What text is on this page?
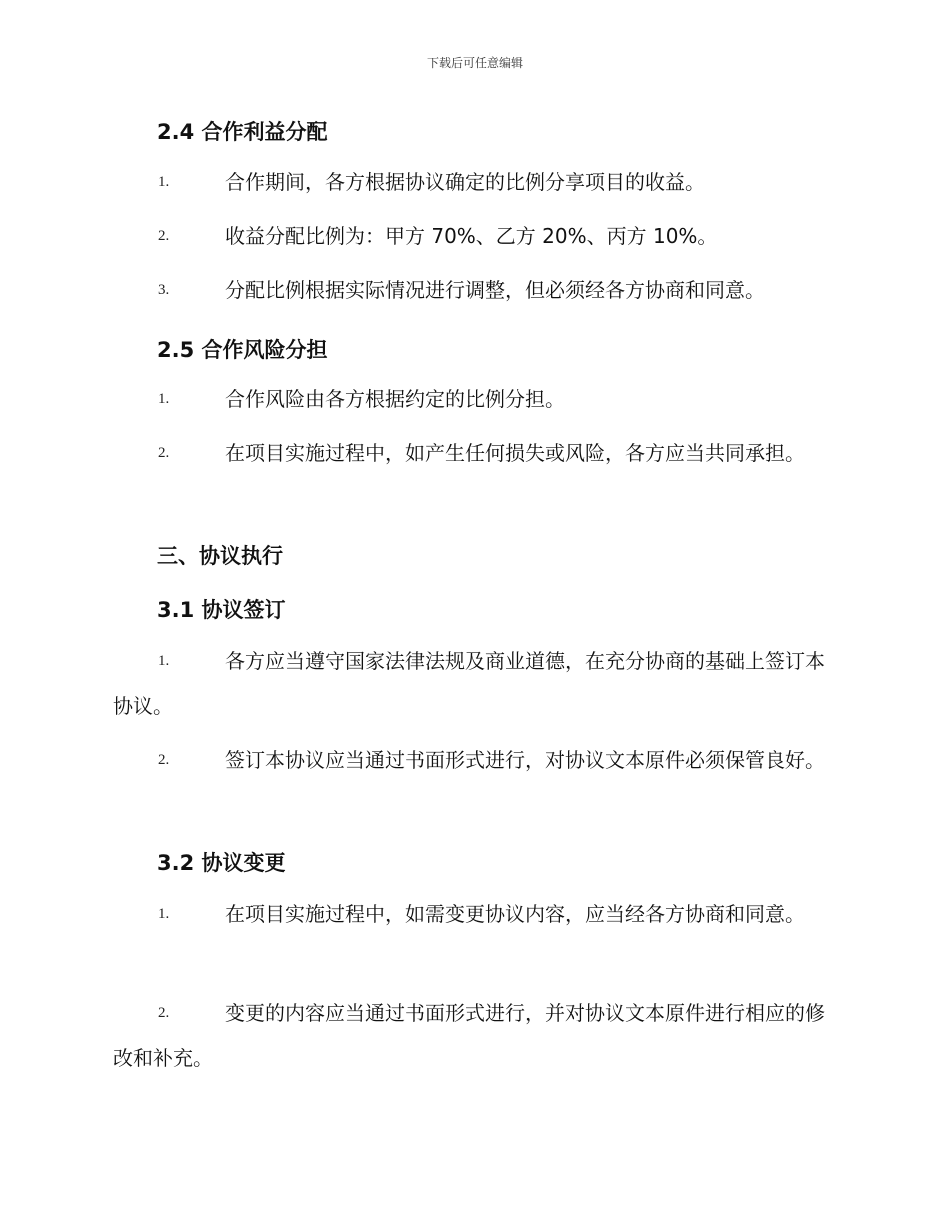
下载后可任意编辑
2.4 合作利益分配
1.	合作期间，各方根据协议确定的比例分享项目的收益。

2.	收益分配比例为：甲方 70%、乙方 20%、丙方 10%。

3.	分配比例根据实际情况进行调整，但必须经各方协商和同意。

2.5 合作风险分担
1.	合作风险由各方根据约定的比例分担。

2.	在项目实施过程中，如产生任何损失或风险，各方应当共同承担。

三、协议执行
3.1 协议签订
1.	各方应当遵守国家法律法规及商业道德，在充分协商的基础上签订本协议。

2.	签订本协议应当通过书面形式进行，对协议文本原件必须保管良好。

3.2 协议变更
1.	在项目实施过程中，如需变更协议内容，应当经各方协商和同意。

2.	变更的内容应当通过书面形式进行，并对协议文本原件进行相应的修改和补充。
